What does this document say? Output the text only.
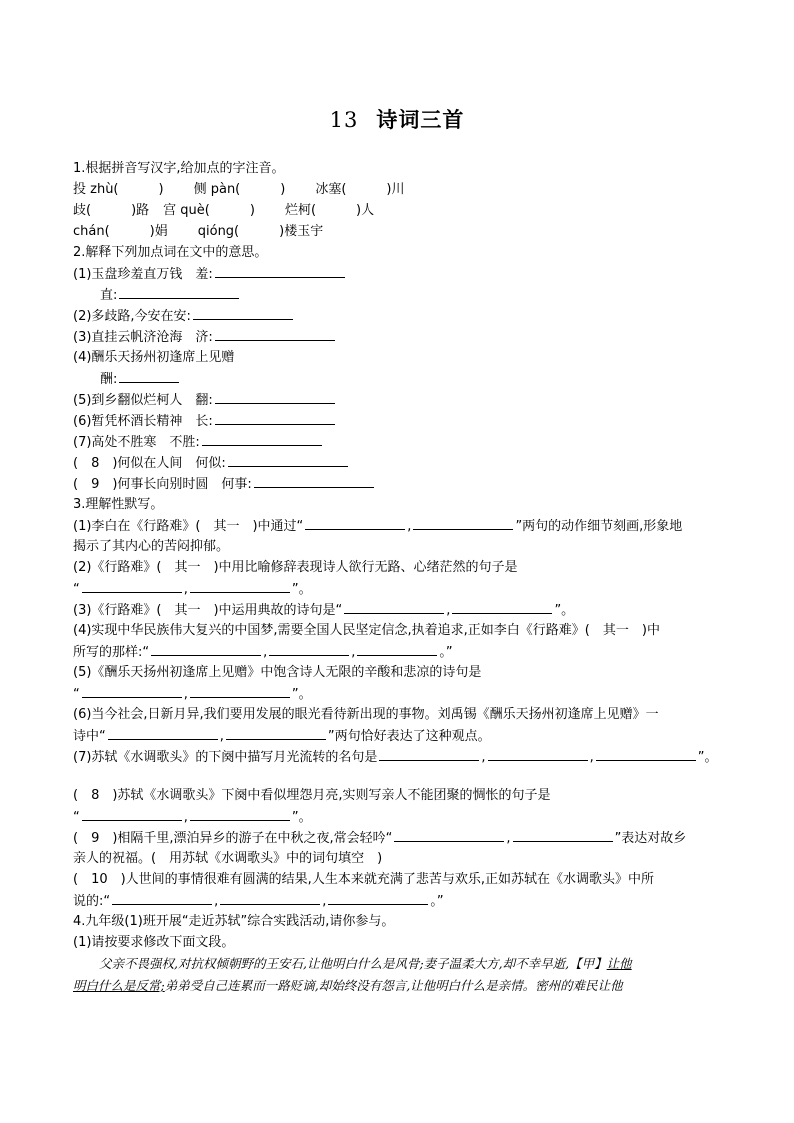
13 诗词三首
1.根据拼音写汉字,给加点的字注音。
投 zhù(	) 侧 pàn(	) 冰塞(	)川
歧(	)路 宫 què(	) 烂柯(	)人
chán(	)娟 qióng(	)楼玉宇
2.解释下列加点词在文中的意思。
(1)玉盘珍羞直万钱　羞:
直:
(2)多歧路,今安在安:
(3)直挂云帆济沧海　济:
(4)酬乐天扬州初逢席上见赠
酬:
(5)到乡翻似烂柯人　翻:
(6)暂凭杯酒长精神　长:
(7)高处不胜寒　不胜:
(　8　)何似在人间　何似:
(　9　)何事长向别时圆　何事:
3.理解性默写。
(1)李白在《行路难》(　其一　)中通过“	,	”两句的动作细节刻画,形象地
揭示了其内心的苦闷抑郁。
(2)《行路难》(　其一　)中用比喻修辞表现诗人欲行无路、心绪茫然的句子是
“	,	”。
(3)《行路难》(　其一　)中运用典故的诗句是“	,	”。
(4)实现中华民族伟大复兴的中国梦,需要全国人民坚定信念,执着追求,正如李白《行路难》(　其一　)中
所写的那样:“	,	,	。”
(5)《酬乐天扬州初逢席上见赠》中饱含诗人无限的辛酸和悲凉的诗句是
“	,	”。
(6)当今社会,日新月异,我们要用发展的眼光看待新出现的事物。刘禹锡《酬乐天扬州初逢席上见赠》一
诗中“	,	”两句恰好表达了这种观点。
(7)苏轼《水调歌头》的下阕中描写月光流转的名句是	,	,	”。
(　8　)苏轼《水调歌头》下阕中看似埋怨月亮,实则写亲人不能团聚的惆怅的句子是
“	,	”。
(　9　)相隔千里,漂泊异乡的游子在中秋之夜,常会轻吟“	,	”表达对故乡
亲人的祝福。(　用苏轼《水调歌头》中的词句填空　)
(　10　)人世间的事情很难有圆满的结果,人生本来就充满了悲苦与欢乐,正如苏轼在《水调歌头》中所
说的:“	,	,	。”
4.九年级(1)班开展“走近苏轼”综合实践活动,请你参与。
(1)请按要求修改下面文段。
父亲不畏强权,对抗权倾朝野的王安石,让他明白什么是风骨;妻子温柔大方,却不幸早逝,【甲】让他
明白什么是反常;弟弟受自己连累而一路贬谪,却始终没有怨言,让他明白什么是亲情。密州的难民让他
